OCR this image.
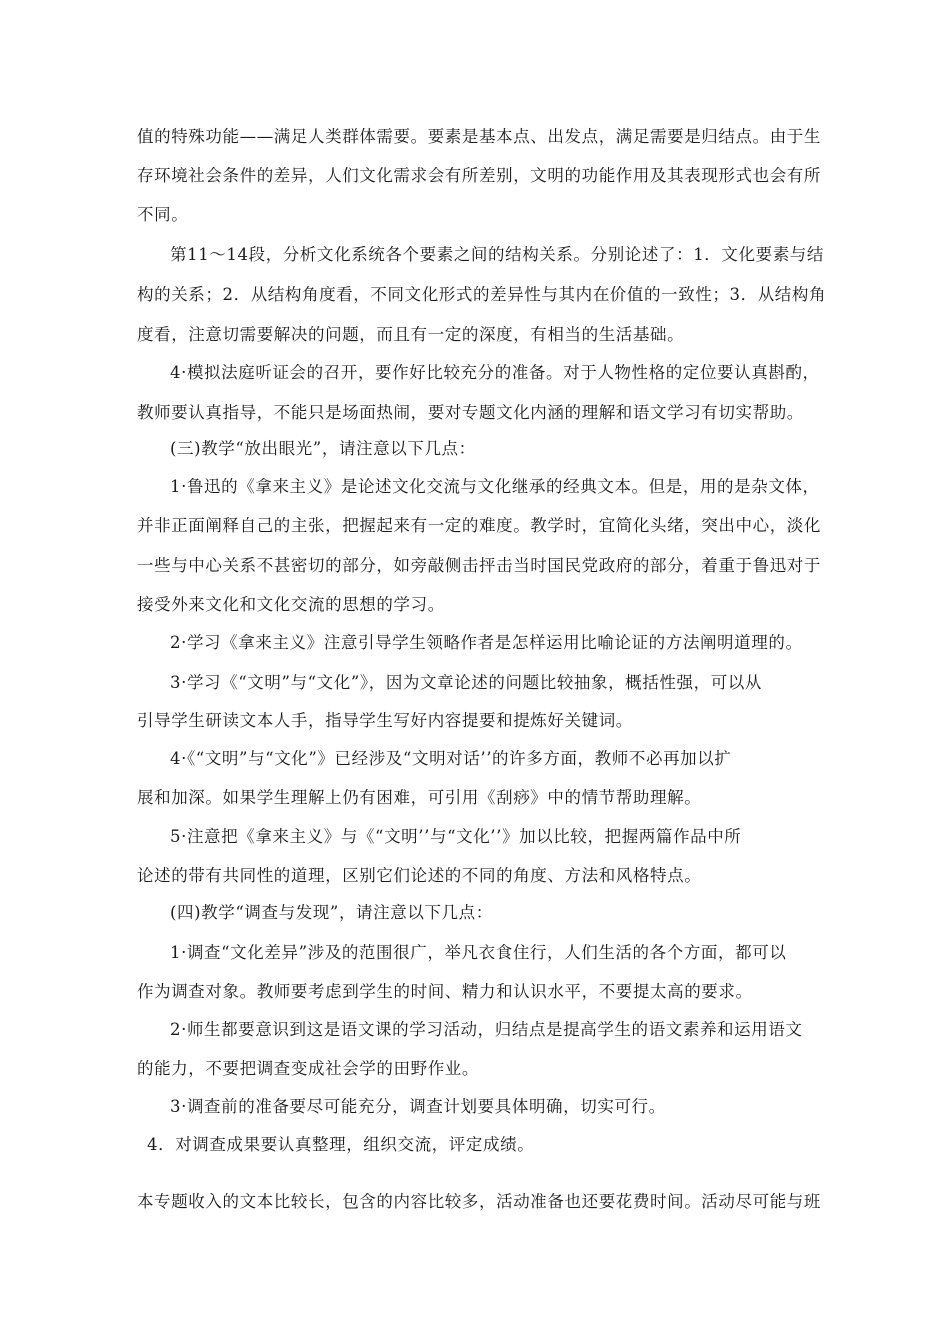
值的特殊功能——满足人类群体需要。要素是基本点、出发点，满足需要是归结点。由于生
存环境社会条件的差异，人们文化需求会有所差别，文明的功能作用及其表现形式也会有所
不同。
第11～14段，分析文化系统各个要素之间的结构关系。分别论述了：1．文化要素与结
构的关系；2．从结构角度看，不同文化形式的差异性与其内在价值的一致性；3．从结构角
度看，注意切需要解决的问题，而且有一定的深度，有相当的生活基础。
4·模拟法庭听证会的召开，要作好比较充分的准备。对于人物性格的定位要认真斟酌，
教师要认真指导，不能只是场面热闹，要对专题文化内涵的理解和语文学习有切实帮助。
(三)教学“放出眼光”，请注意以下几点：
1·鲁迅的《拿来主义》是论述文化交流与文化继承的经典文本。但是，用的是杂文体，
并非正面阐释自己的主张，把握起来有一定的难度。教学时，宜简化头绪，突出中心，淡化
一些与中心关系不甚密切的部分，如旁敲侧击抨击当时国民党政府的部分，着重于鲁迅对于
接受外来文化和文化交流的思想的学习。
2·学习《拿来主义》注意引导学生领略作者是怎样运用比喻论证的方法阐明道理的。
3·学习《“文明”与“文化”》，因为文章论述的问题比较抽象，概括性强，可以从
引导学生研读文本人手，指导学生写好内容提要和提炼好关键词。
4·《“文明”与“文化”》已经涉及“文明对话’’的许多方面，教师不必再加以扩
展和加深。如果学生理解上仍有困难，可引用《刮痧》中的情节帮助理解。
5·注意把《拿来主义》与《“文明’’与“文化’’》加以比较，把握两篇作品中所
论述的带有共同性的道理，区别它们论述的不同的角度、方法和风格特点。
(四)教学“调查与发现”，请注意以下几点：
1·调查“文化差异”涉及的范围很广，举凡衣食住行，人们生活的各个方面，都可以
作为调查对象。教师要考虑到学生的时间、精力和认识水平，不要提太高的要求。
2·师生都要意识到这是语文课的学习活动，归结点是提高学生的语文素养和运用语文
的能力，不要把调查变成社会学的田野作业。
3·调查前的准备要尽可能充分，调查计划要具体明确，切实可行。
4．对调查成果要认真整理，组织交流，评定成绩。
本专题收入的文本比较长，包含的内容比较多，活动准备也还要花费时间。活动尽可能与班
